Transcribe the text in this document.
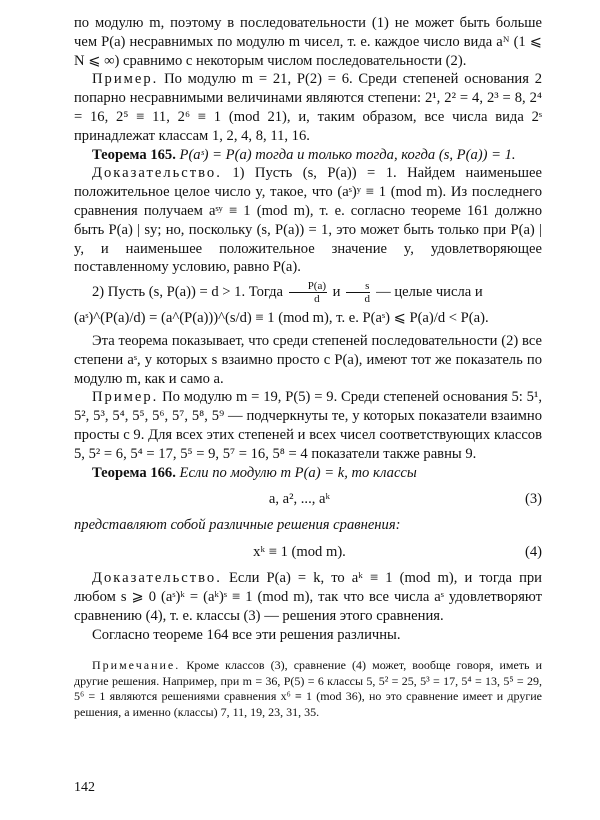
по модулю m, поэтому в последовательности (1) не может быть больше чем P(a) несравнимых по модулю m чисел, т. е. каждое число вида aᴺ (1 ⩽ N ⩽ ∞) сравнимо с некоторым числом последовательности (2).

Пример. По модулю m = 21, P(2) = 6. Среди степеней основания 2 попарно несравнимыми величинами являются степени: 2¹, 2² = 4, 2³ = 8, 2⁴ = 16, 2⁵ ≡ 11, 2⁶ ≡ 1 (mod 21), и, таким образом, все числа вида 2ˢ принадлежат классам 1, 2, 4, 8, 11, 16.

Теорема 165. P(aˢ) = P(a) тогда и только тогда, когда (s, P(a)) = 1.

Доказательство. 1) Пусть (s, P(a)) = 1. Найдем наименьшее положительное целое число y, такое, что (aˢ)ʸ ≡ 1 (mod m). Из последнего сравнения получаем aˢʸ ≡ 1 (mod m), т. е. согласно теореме 161 должно быть P(a) | sy; но, поскольку (s, P(a)) = 1, это может быть только при P(a) | y, и наименьшее положительное значение y, удовлетворяющее поставленному условию, равно P(a).

2) Пусть (s, P(a)) = d > 1. Тогда $\frac{P(a)}{d}$ и $\frac{s}{d}$ — целые числа и

(aˢ)^(P(a)/d) = (a^(P(a)))^(s/d) ≡ 1 (mod m), т. е. P(aˢ) ⩽ P(a)/d < P(a).

Эта теорема показывает, что среди степеней последовательности (2) все степени aˢ, у которых s взаимно просто с P(a), имеют тот же показатель по модулю m, как и само a.

Пример. По модулю m = 19, P(5) = 9. Среди степеней основания 5: 5¹, 5², 5³, 5⁴, 5⁵, 5⁶, 5⁷, 5⁸, 5⁹ — подчеркнуты те, у которых показатели взаимно просты с 9. Для всех этих степеней и всех чисел соответствующих классов 5, 5² = 6, 5⁴ = 17, 5⁵ = 9, 5⁷ = 16, 5⁸ = 4 показатели также равны 9.

Теорема 166. Если по модулю m P(a) = k, то классы

a, a², ..., aᵏ	(3)

представляют собой различные решения сравнения:

xᵏ ≡ 1 (mod m).	(4)

Доказательство. Если P(a) = k, то aᵏ ≡ 1 (mod m), и тогда при любом s ⩾ 0 (aˢ)ᵏ = (aᵏ)ˢ ≡ 1 (mod m), так что все числа aˢ удовлетворяют сравнению (4), т. е. классы (3) — решения этого сравнения.

Согласно теореме 164 все эти решения различны.

Примечание. Кроме классов (3), сравнение (4) может, вообще говоря, иметь и другие решения. Например, при m = 36, P(5) = 6 классы 5, 5² = 25, 5³ = 17, 5⁴ = 13, 5⁵ = 29, 5⁶ = 1 являются решениями сравнения x⁶ ≡ 1 (mod 36), но это сравнение имеет и другие решения, а именно (классы) 7, 11, 19, 23, 31, 35.
142
